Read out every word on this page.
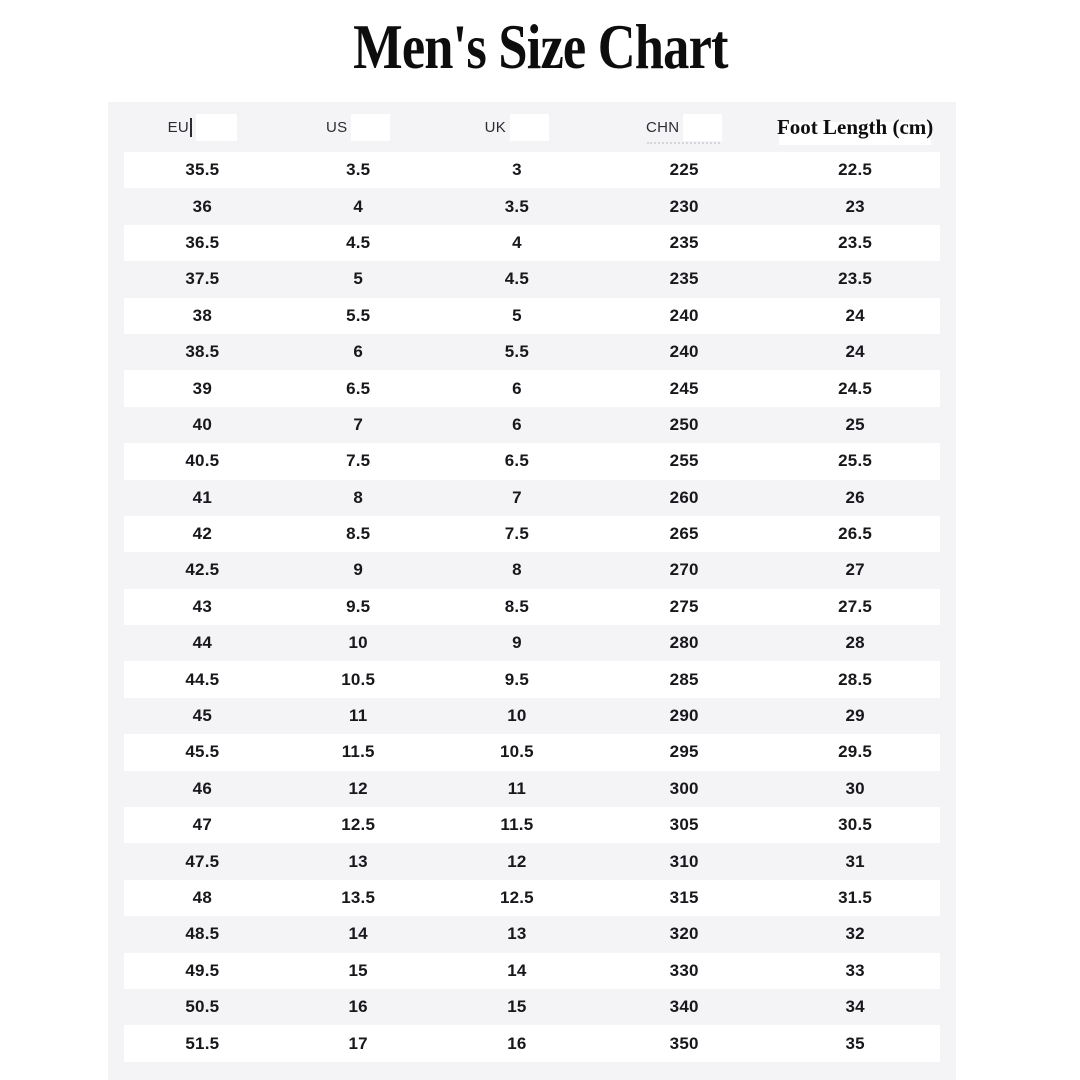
Men's Size Chart
EU	US	UK	CHN	Foot Length (cm)
35.5	3.5	3	225	22.5
36	4	3.5	230	23
36.5	4.5	4	235	23.5
37.5	5	4.5	235	23.5
38	5.5	5	240	24
38.5	6	5.5	240	24
39	6.5	6	245	24.5
40	7	6	250	25
40.5	7.5	6.5	255	25.5
41	8	7	260	26
42	8.5	7.5	265	26.5
42.5	9	8	270	27
43	9.5	8.5	275	27.5
44	10	9	280	28
44.5	10.5	9.5	285	28.5
45	11	10	290	29
45.5	11.5	10.5	295	29.5
46	12	11	300	30
47	12.5	11.5	305	30.5
47.5	13	12	310	31
48	13.5	12.5	315	31.5
48.5	14	13	320	32
49.5	15	14	330	33
50.5	16	15	340	34
51.5	17	16	350	35
